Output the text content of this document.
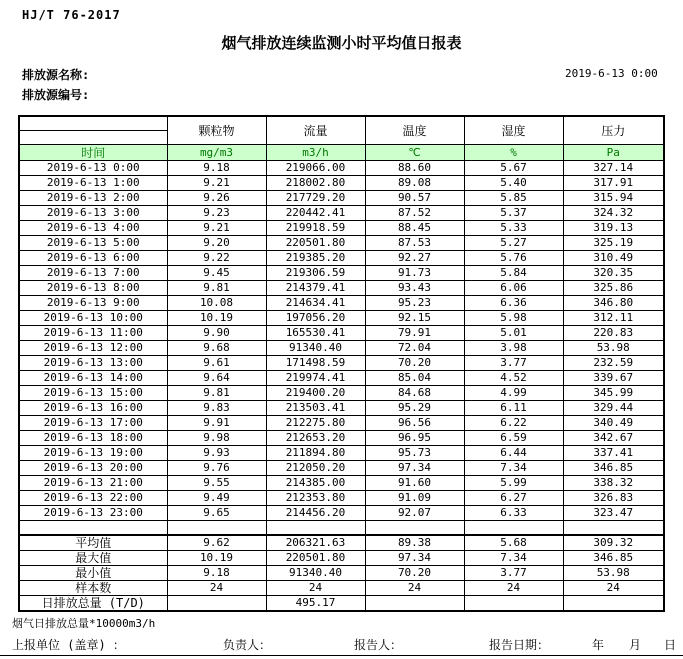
HJ/T 76-2017
烟气排放连续监测小时平均值日报表
排放源名称:
排放源编号:
2019-6-13 0:00
	颗粒物	流量	温度	湿度	压力
时间	mg/m3	m3/h	℃	%	Pa
2019-6-13 0:00	9.18	219066.00	88.60	5.67	327.14
2019-6-13 1:00	9.21	218002.80	89.08	5.40	317.91
2019-6-13 2:00	9.26	217729.20	90.57	5.85	315.94
2019-6-13 3:00	9.23	220442.41	87.52	5.37	324.32
2019-6-13 4:00	9.21	219918.59	88.45	5.33	319.13
2019-6-13 5:00	9.20	220501.80	87.53	5.27	325.19
2019-6-13 6:00	9.22	219385.20	92.27	5.76	310.49
2019-6-13 7:00	9.45	219306.59	91.73	5.84	320.35
2019-6-13 8:00	9.81	214379.41	93.43	6.06	325.86
2019-6-13 9:00	10.08	214634.41	95.23	6.36	346.80
2019-6-13 10:00	10.19	197056.20	92.15	5.98	312.11
2019-6-13 11:00	9.90	165530.41	79.91	5.01	220.83
2019-6-13 12:00	9.68	91340.40	72.04	3.98	53.98
2019-6-13 13:00	9.61	171498.59	70.20	3.77	232.59
2019-6-13 14:00	9.64	219974.41	85.04	4.52	339.67
2019-6-13 15:00	9.81	219400.20	84.68	4.99	345.99
2019-6-13 16:00	9.83	213503.41	95.29	6.11	329.44
2019-6-13 17:00	9.91	212275.80	96.56	6.22	340.49
2019-6-13 18:00	9.98	212653.20	96.95	6.59	342.67
2019-6-13 19:00	9.93	211894.80	95.73	6.44	337.41
2019-6-13 20:00	9.76	212050.20	97.34	7.34	346.85
2019-6-13 21:00	9.55	214385.00	91.60	5.99	338.32
2019-6-13 22:00	9.49	212353.80	91.09	6.27	326.83
2019-6-13 23:00	9.65	214456.20	92.07	6.33	323.47

平均值	9.62	206321.63	89.38	5.68	309.32
最大值	10.19	220501.80	97.34	7.34	346.85
最小值	9.18	91340.40	70.20	3.77	53.98
样本数	24	24	24	24	24
日排放总量 (T/D)		495.17			
烟气日排放总量*10000m3/h
上报单位 (盖章) ：	负责人：	报告人：	报告日期：	年 月 日
